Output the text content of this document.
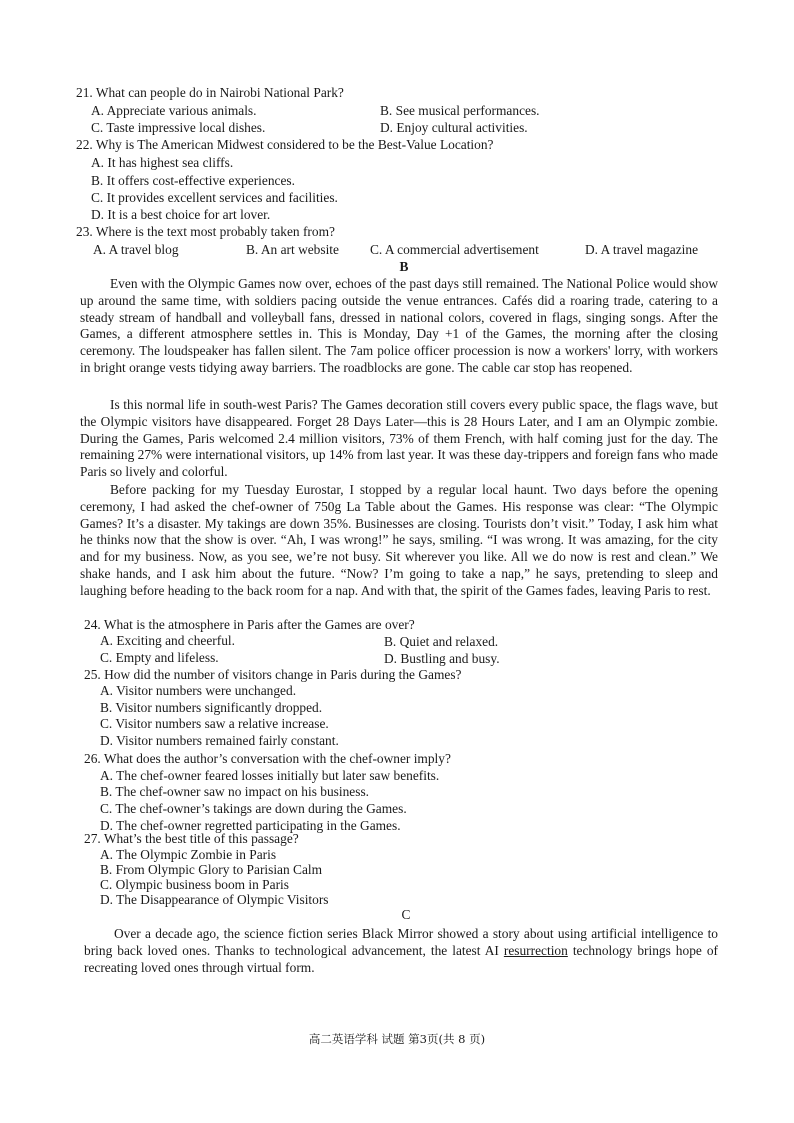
21. What can people do in Nairobi National Park?
A. Appreciate various animals.	B. See musical performances.
C. Taste impressive local dishes.	D. Enjoy cultural activities.
22. Why is The American Midwest considered to be the Best-Value Location?
A. It has highest sea cliffs.
B. It offers cost-effective experiences.
C. It provides excellent services and facilities.
D. It is a best choice for art lover.
23. Where is the text most probably taken from?
A. A travel blog	B. An art website C. A commercial advertisement	D. A travel magazine
B
Even with the Olympic Games now over, echoes of the past days still remained. The National Police would show up around the same time, with soldiers pacing outside the venue entrances. Cafés did a roaring trade, catering to a steady stream of handball and volleyball fans, dressed in national colors, covered in flags, singing songs. After the Games, a different atmosphere settles in. This is Monday, Day +1 of the Games, the morning after the closing ceremony. The loudspeaker has fallen silent. The 7am police officer procession is now a workers' lorry, with workers in bright orange vests tidying away barriers. The roadblocks are gone. The cable car stop has reopened.
Is this normal life in south-west Paris? The Games decoration still covers every public space, the flags wave, but the Olympic visitors have disappeared. Forget 28 Days Later—this is 28 Hours Later, and I am an Olympic zombie. During the Games, Paris welcomed 2.4 million visitors, 73% of them French, with half coming just for the day. The remaining 27% were international visitors, up 14% from last year. It was these day-trippers and foreign fans who made Paris so lively and colorful.
Before packing for my Tuesday Eurostar, I stopped by a regular local haunt. Two days before the opening ceremony, I had asked the chef-owner of 750g La Table about the Games. His response was clear: “The Olympic Games? It’s a disaster. My takings are down 35%. Businesses are closing. Tourists don’t visit.” Today, I ask him what he thinks now that the show is over. “Ah, I was wrong!” he says, smiling. “I was wrong. It was amazing, for the city and for my business. Now, as you see, we’re not busy. Sit wherever you like. All we do now is rest and clean.” We shake hands, and I ask him about the future. “Now? I’m going to take a nap,” he says, pretending to sleep and laughing before heading to the back room for a nap. And with that, the spirit of the Games fades, leaving Paris to rest.
24. What is the atmosphere in Paris after the Games are over?
A. Exciting and cheerful.	B. Quiet and relaxed.
C. Empty and lifeless.	D. Bustling and busy.
25. How did the number of visitors change in Paris during the Games?
A. Visitor numbers were unchanged.
B. Visitor numbers significantly dropped.
C. Visitor numbers saw a relative increase.
D. Visitor numbers remained fairly constant.
26. What does the author’s conversation with the chef-owner imply?
A. The chef-owner feared losses initially but later saw benefits.
B. The chef-owner saw no impact on his business.
C. The chef-owner’s takings are down during the Games.
D. The chef-owner regretted participating in the Games.
27. What’s the best title of this passage?
A. The Olympic Zombie in Paris
B. From Olympic Glory to Parisian Calm
C. Olympic business boom in Paris
D. The Disappearance of Olympic Visitors
C
Over a decade ago, the science fiction series Black Mirror showed a story about using artificial intelligence to bring back loved ones. Thanks to technological advancement, the latest AI resurrection technology brings hope of recreating loved ones through virtual form.
高二英语学科 试题 第3页(共 8 页)
